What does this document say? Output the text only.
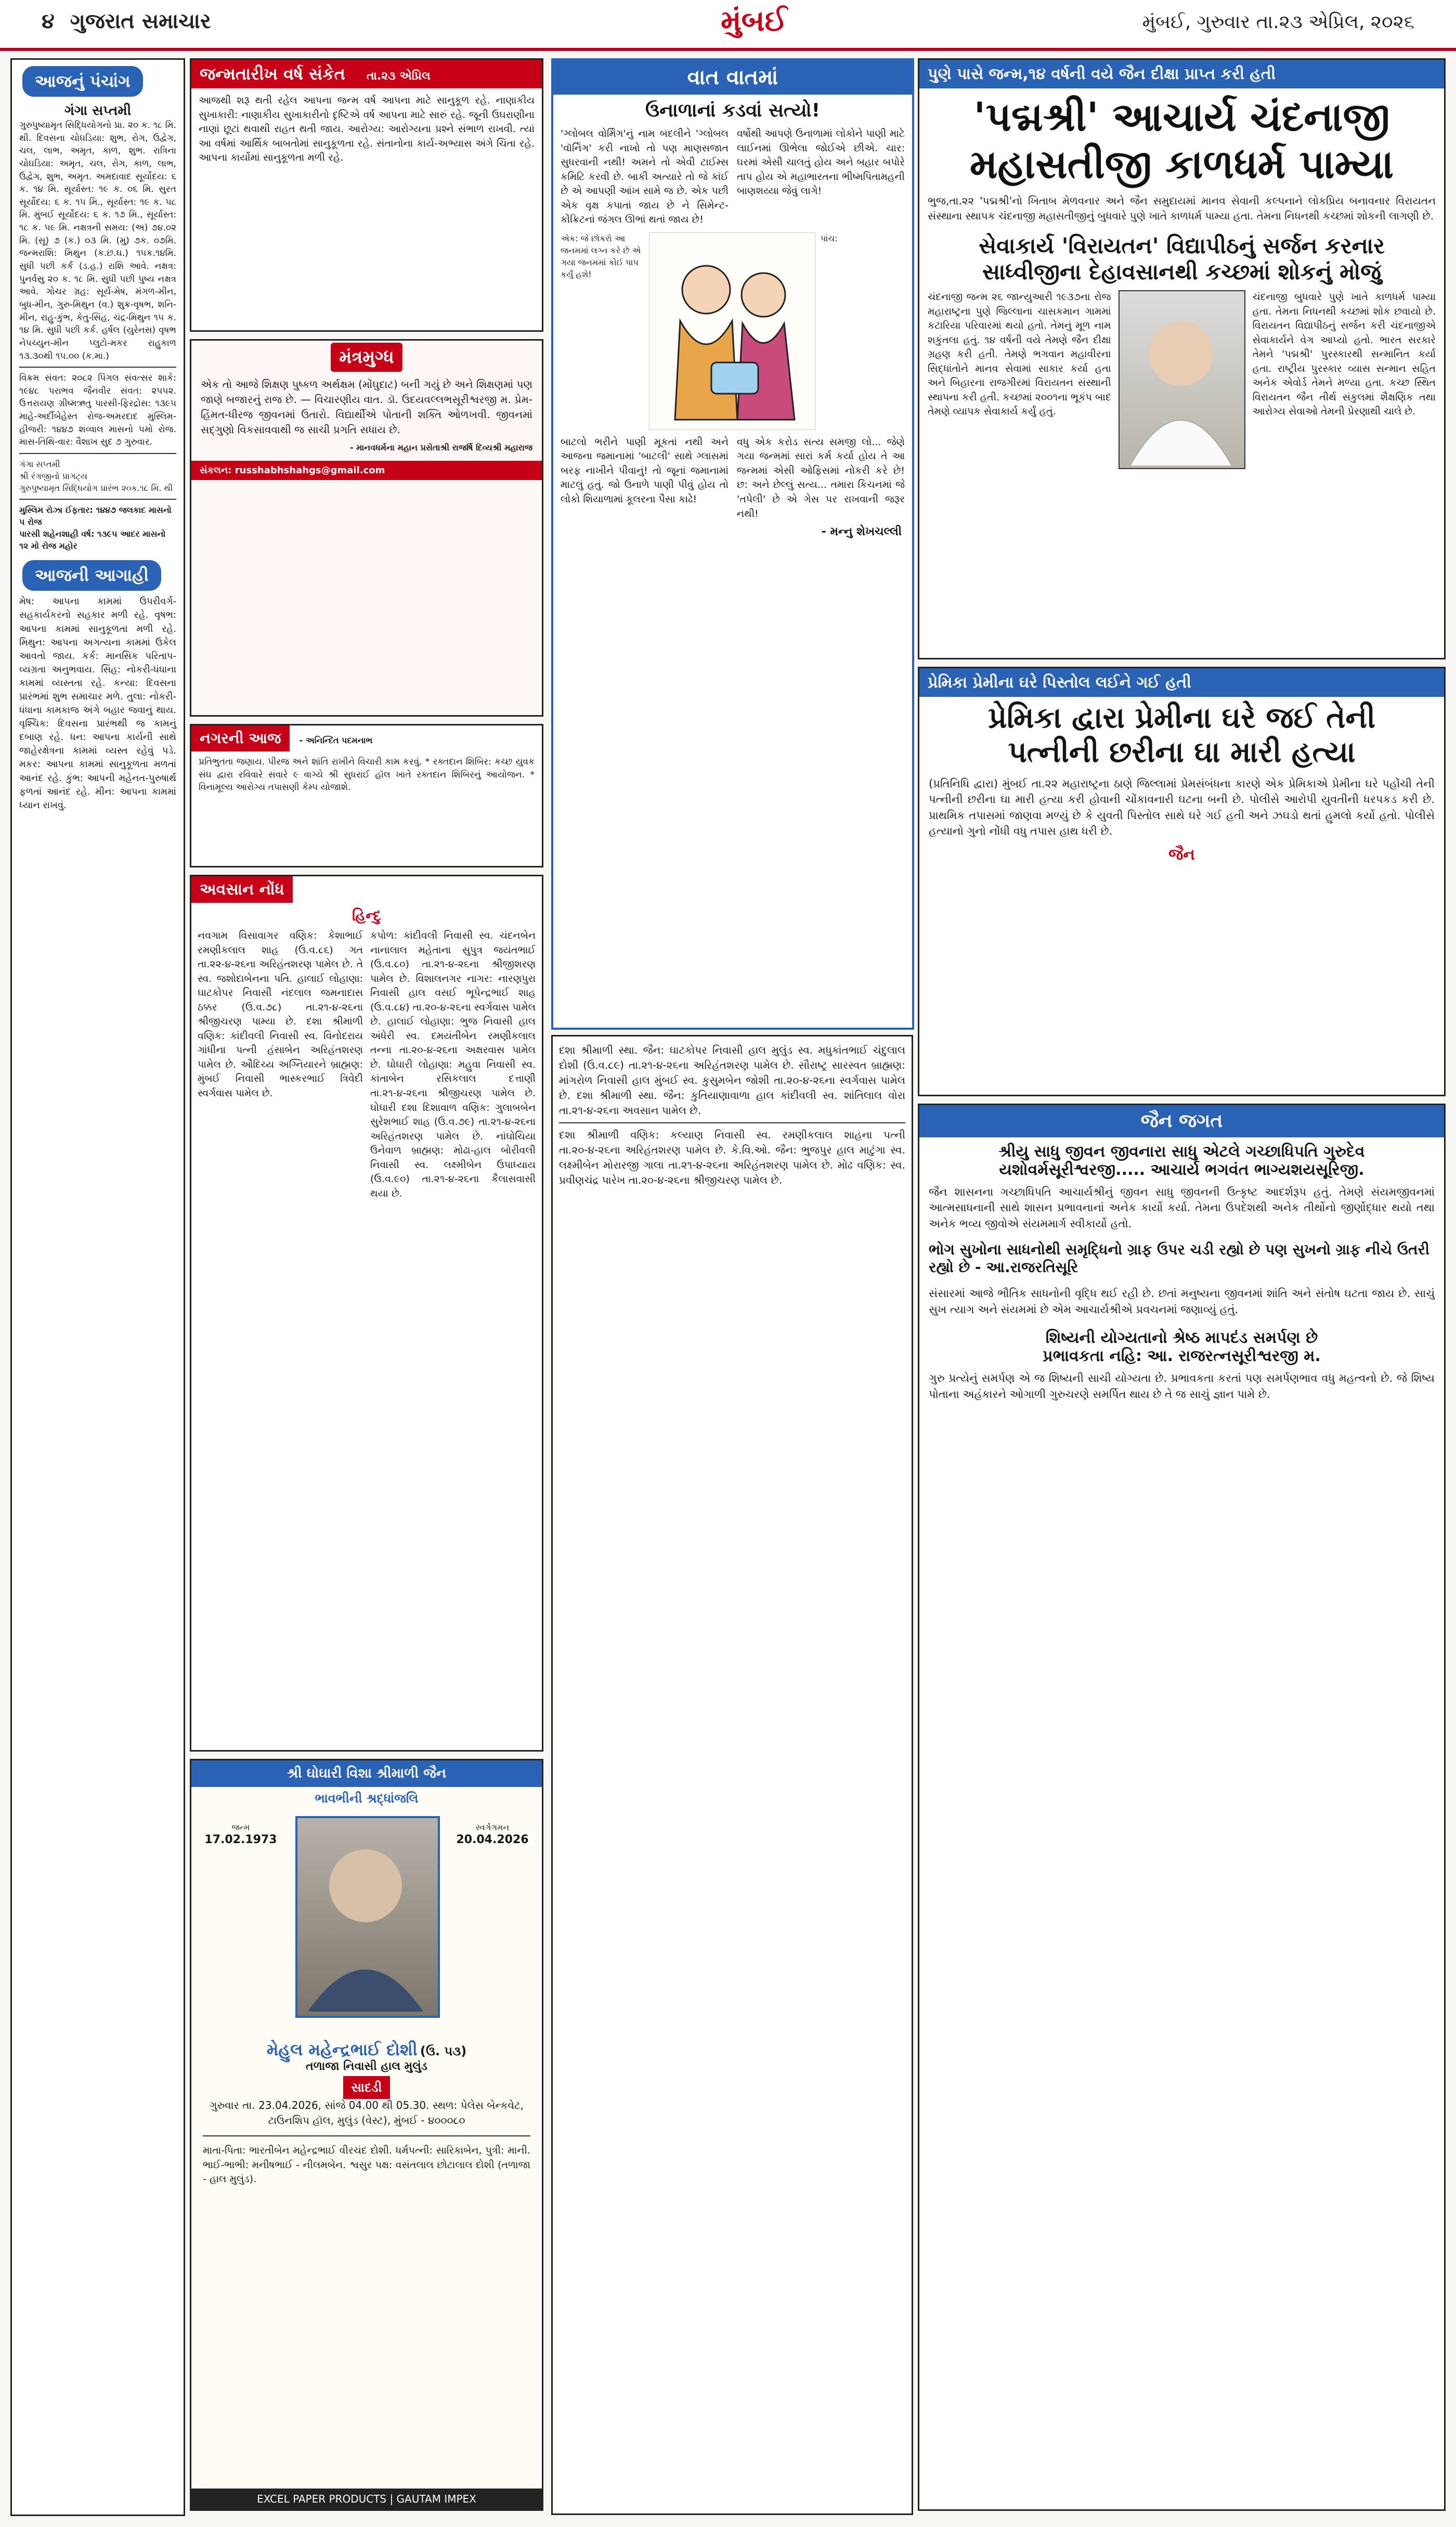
૪ ગુજરાત સમાચાર	મુંબઈ	મુંબઈ, ગુરુવાર તા.૨૩ એપ્રિલ, ૨૦૨૬
આજનું પંચાંગ
ગંગા સપ્તમી
ગુરુપુષ્યામૃત સિદ્ધિયોગનો પ્રા. ૨૦ ક. ૧૮ મિ. થી. દિવસના ચોઘડિયા: શુભ, રોગ, ઉદ્વેગ, ચલ, લાભ, અમૃત, કાળ, શુભ. રાત્રિના ચોઘડિયા: અમૃત, ચલ, રોગ, કાળ, લાભ, ઉદ્વેગ, શુભ, અમૃત. અમદાવાદ સૂર્યોદય: ૬ ક. ૧૪ મિ. સૂર્યાસ્ત: ૧૯ ક. ૦૬ મિ. સુરત સૂર્યોદય: ૬ ક. ૧૫ મિ., સૂર્યાસ્ત: ૧૯ ક. ૫૮ મિ. મુંબઈ સૂર્યોદય: ૬ ક. ૧૭ મિ., સૂર્યાસ્ત: ૧૮ ક. ૫૯ મિ. નક્ષત્રની સમય: (અ) ૭૪.૦૨ મિ. (સૂ) ૭ (ક.) ૦૩ મિ. (મુ) ૭ક. ૦૭મિ. જન્મરાશિ: મિથુન (ક.છ.ઘ.) ૧૫ક.૧૪મિ. સુધી પછી કર્ક (ડ.હ.) રાશિ આવે. નક્ષત્ર: પુનર્વસુ ૨૦ ક. ૧૮ મિ. સુધી પછી પુષ્ય નક્ષત્ર આવે. ગોચર ગ્રહ: સૂર્ય-મેષ, મંગળ-મીન, બુધ-મીન, ગુરુ-મિથુન (વ.) શુક્ર-વૃષભ, શનિ-મીન, રાહુ-કુંભ, કેતુ-સિંહ, ચંદ્ર-મિથુન ૧૫ ક. ૧૪ મિ. સુધી પછી કર્ક. હર્ષલ (યુરેનસ) વૃષભ નેપચ્યુન-મીન પ્લુટો-મકર રાહુકાળ ૧૩.૩૦થી ૧૫.૦૦ (ક.મા.)
વિક્રમ સંવત: ૨૦૮૨ પિંગલ સંવત્સર શાકે: ૧૯૪૮ પરાભવ જૈનવીર સંવત: ૨૫૫૨. ઉત્તરાયણ ગ્રીષ્મઋતુ પારસી-ફિરદ્રોસ: ૧૩૯૫ માહે-અર્દીબેહેસ્ત રોજ-અમરદાદ મુસ્લિમ-હીજરી: ૧૪૪૭ શવ્વાલ માસનો ૫મો રોજ. માસ-તિથિ-વાર: વૈશાખ સુદ ૭ ગુરુવાર.
ગંગા સપ્તમી
શ્રી રંગજીનો પ્રાગટ્ય
ગુરુપુષ્યામૃત સિદ્ધિયોગ પ્રારંભ ૨૦ક.૧૮ મિ. થી
મુસ્લિમ રોઝા ઈફતાર: ૧૪૪૭ જલકાદ માસનો પ રોજ
પારસી શહેનશાહી વર્ષ: ૧૩૯૫ આદર માસનો ૧૨ મો રોજ મહોર
આજની આગાહી
મેષ: આપના કામમાં ઉપરીવર્ગ-સહકાર્યકરનો સહકાર મળી રહે. વૃષભ: આપના કામમાં સાનુકૂળતા મળી રહે. મિથુન: આપના અગત્યના કામમાં ઉકેલ આવતો જાય. કર્ક: માનસિક પરિતાપ-વ્યગ્રતા અનુભવાય. સિંહ: નોકરી-ધંધાના કામમાં વ્યસ્તતા રહે. કન્યા: દિવસના પ્રારંભમાં શુભ સમાચાર મળે. તુલા: નોકરી-ધંધાના કામકાજ અંગે બહાર જવાનું થાય. વૃશ્ચિક: દિવસના પ્રારંભથી જ કામનું દબાણ રહે. ધન: આપના કાર્યની સાથે જાહેરક્ષેત્રના કામમાં વ્યસ્ત રહેવું પડે. મકર: આપના કામમાં સાનુકૂળતા મળતાં આનંદ રહે. કુંભ: આપની મહેનત-પુરુષાર્થ ફળતાં આનંદ રહે. મીન: આપના કામમાં ધ્યાન રાખવું.
જન્મતારીખ વર્ષ સંકેત તા.૨૩ એપ્રિલ
આજથી શરૂ થતી રહેલ આપના જન્મ વર્ષ આપના માટે સાનુકૂળ રહે. નાણાકીય સુખાકારી: નાણાકીય સુખાકારીનો દૃષ્ટિએ વર્ષ આપના માટે સારું રહે. જૂની ઉઘરાણીના નાણાં છૂટાં થવાથી રાહત થતી જાય. આરોગ્ય: આરોગ્યના પ્રશ્ને સંભાળ રાખવી. ત્યાં આ વર્ષમાં આર્થિક બાબતોમાં સાનુકૂળતા રહે. સંતાનોના કાર્ય-અભ્યાસ અંગે ચિંતા રહે. આપના કાર્યોમાં સાનુકૂળતા મળી રહે.
મંત્રમુગ્ધ
એક તો આજે શિક્ષણ પુષ્કળ અર્થક્ષમ (મોંઘુદાટ) બની ગયું છે અને શિક્ષણમાં પણ જાણે બજારનું રાજ છે. — વિચારણીય વાત. ડૉ. ઉદયવલ્લભસૂરીશ્વરજી મ. પ્રેમ-હિંમત-ધીરજ જીવનમાં ઉતારો. વિદ્યાર્થીએ પોતાની શક્તિ ઓળખવી. જીવનમાં સદ્ગુણો વિકસાવવાથી જ સાચી પ્રગતિ સધાય છે.
- માનવધર્મના મહાન પ્રસેતાશ્રી રાજર્ષિ દિવ્યશ્રી મહારાજ
સંકલન: russhabhshahgs@gmail.com
નગરની આજ - અનિન્દિત પદમનાભ
પ્રતિભુતતા જણાય. પીરજ અને શાંતિ રાખીને વિચારી કામ કરવું. * રક્તદાન શિબિર: કચ્છ યુવક સંઘ દ્વારા રવિવારે સવારે ૯ વાગ્યે શ્રી સુધરાઈ હૉલ ખાતે રક્તદાન શિબિરનું આયોજન. * વિનામૂલ્ય આરોગ્ય તપાસણી કેમ્પ યોજાશે.
અવસાન નોંધ
હિન્દુ
નવગામ વિસાવાગર વણિક: કેશાભાઈ રમણીકલાલ શાહ (ઉ.વ.૮૬) ગત તા.૨૨-૪-૨૬ના અરિહંતશરણ પામેલ છે. તે સ્વ. જશોદાબેનના પતિ. હાલાઈ લોહાણા: ઘાટકોપર નિવાસી નંદલાલ જમનાદાસ ઠક્કર (ઉ.વ.૭૮) તા.૨૧-૪-૨૬ના શ્રીજીચરણ પામ્યા છે. દશા શ્રીમાળી વણિક: કાંદીવલી નિવાસી સ્વ. વિનોદરાય ગાંધીના પત્ની હંસાબેન અરિહંતશરણ પામેલ છે. ઔદિચ્ય અગ્નિયારને બ્રાહ્મણ: મુંબઈ નિવાસી ભાસ્કરભાઈ ત્રિવેદી સ્વર્ગવાસ પામેલ છે.
કપોળ: કાંદીવલી નિવાસી સ્વ. ચંદનબેન નાનાલાલ મહેતાના સુપુત્ર જયંતભાઈ (ઉ.વ.૮૦) તા.૨૧-૪-૨૬ના શ્રીજીશરણ પામેલ છે. વિશાલનગર નાગર: નારણપુરા નિવાસી હાલ વસઈ ભૂપેન્દ્રભાઈ શાહ (ઉ.વ.૮૪) તા.૨૦-૪-૨૬ના સ્વર્ગવાસ પામેલ છે. હાલાઈ લોહાણા: ભુજ નિવાસી હાલ અંધેરી સ્વ. દમયંતીબેન રમણીકલાલ તન્ના તા.૨૦-૪-૨૬ના અક્ષરવાસ પામેલ છે. ઘોઘારી લોહાણા: મહુવા નિવાસી સ્વ. કાંતાબેન રસિકલાલ દત્તાણી તા.૨૧-૪-૨૬ના શ્રીજીચરણ પામેલ છે. ઘોઘારી દશા દિશાવાળ વણિક: ગુલાબબેન સુરેશભાઈ શાહ (ઉ.વ.૭૯) તા.૨૧-૪-૨૬ના અરિહંતશરણ પામેલ છે. નાંઘોચિયા ઉનેવાળ બ્રાહ્મણ: મોઢા-હાલ બોરીવલી નિવાસી સ્વ. લક્ષ્મીબેન ઉપાધ્યાય (ઉ.વ.૯૦) તા.૨૧-૪-૨૬ના કૈલાસવાસી થયા છે.
શ્રી ઘોઘારી વિશા શ્રીમાળી જૈન
ભાવભીની શ્રદ્ધાંજલિ
જન્મ
17.02.1973
સ્વર્ગગમન
20.04.2026
મેહુલ મહેન્દ્રભાઈ દોશી (ઉ. ૫૩)
તળાજા નિવાસી હાલ મુલુંડ
સાદડી
ગુરુવાર તા. 23.04.2026, સાંજે 04.00 થી 05.30. સ્થળ: પેલેસ બેન્કવેટ, ટાઉનશિપ હૉલ, મુલુંડ (વેસ્ટ), મુંબઈ - ૪૦૦૦૮૦
માતા-પિતા: ભારતીબેન મહેન્દ્રભાઈ વીરચંદ દોશી. ધર્મપત્ની: સારિકાબેન, પુત્રી: માની. ભાઈ-ભાભી: મનીષભાઈ - નીલમબેન. શ્વસુર પક્ષ: વસંતલાલ છોટાલાલ દોશી (તળાજા - હાલ મુલુંડ).
EXCEL PAPER PRODUCTS | GAUTAM IMPEX
વાત વાતમાં
ઉનાળાનાં કડવાં સત્યો!
'ગ્લોબલ વોર્મિંગ'નું નામ બદલીને 'ગ્લોબલ 'વૉર્નિંગ' કરી નાખો તો પણ માણસજાત સુધરવાની નથી! અમને તો એવી ટાઈમ્સ કમિટિ કરવી છે. બાકી અત્યારે તો જે કાંઈ છે એ આપણી આંખ સામે જ છે. એક પછી એક વૃક્ષ કપાતાં જાય છે ને સિમેન્ટ-કોંક્રિટનાં જંગલ ઊભાં થતાં જાય છે!
વર્ષોથી આપણે ઉનાળામાં લોકોને પાણી માટે લાઈનમાં ઊભેલા જોઈએ છીએ. ચાર: ઘરમાં એસી ચાલતું હોય અને બહાર બપોરે તાપ હોય એ મહાભારતના ભીષ્મપિતામહની બાણશય્યા જેવું લાગે!
એક: જે છોકરો આ જનમમાં લગ્ન કરે છે એ ગયા જનમમાં કોઈ પાપ કર્યું હશે!
પાંચ:
બાટલો ભરીને પાણી મૂકતાં નથી અને આજના જમાનામાં 'બાટલી' સાથે ગ્લાસમાં બરફ નાખીને પીવાનું! તો જૂનાં જમાનામાં માટલું હતું. જો ઉનાળે પાણી પીવું હોય તો લોકો શિયાળામાં કૂલરના પૈસા કાઢે!
વધુ એક કરોડ સત્ય સમજી લો... જેણે ગયા જન્મમાં સારાં કર્મ કર્યા હોય તે આ જન્મમાં એસી ઓફિસમાં નોકરી કરે છે! છ: અને છેલ્લું સત્ય... તમારા કિચનમાં જે 'તપેલી' છે એ ગેસ પર રાખવાની જરૂર નથી!
- મન્નુ શેખચલ્લી
દશા શ્રીમાળી સ્થા. જૈન: ઘાટકોપર નિવાસી હાલ મુલુંડ સ્વ. મધુકાંતભાઈ ચંદુલાલ દોશી (ઉ.વ.૮૯) તા.૨૧-૪-૨૬ના અરિહંતશરણ પામેલ છે. સૌરાષ્ટ્ર સારસ્વત બ્રાહ્મણ: માંગરોળ નિવાસી હાલ મુંબઈ સ્વ. કુસુમબેન જોશી તા.૨૦-૪-૨૬ના સ્વર્ગવાસ પામેલ છે. દશા શ્રીમાળી સ્થા. જૈન: કુતિયાણાવાળા હાલ કાંદીવલી સ્વ. શાંતિલાલ વોરા તા.૨૧-૪-૨૬ના અવસાન પામેલ છે.
દશા શ્રીમાળી વણિક: કલ્યાણ નિવાસી સ્વ. રમણીકલાલ શાહના પત્ની તા.૨૦-૪-૨૬ના અરિહંતશરણ પામેલ છે. કે.વિ.ઓ. જૈન: ભુજપુર હાલ માટુંગા સ્વ. લક્ષ્મીબેન મોરારજી ગાલા તા.૨૧-૪-૨૬ના અરિહંતશરણ પામેલ છે. મોઢ વણિક: સ્વ. પ્રવીણચંદ્ર પારેખ તા.૨૦-૪-૨૬ના શ્રીજીચરણ પામેલ છે.
પુણે પાસે જન્મ,૧૪ વર્ષની વયે જૈન દીક્ષા પ્રાપ્ત કરી હતી
'પદ્મશ્રી' આચાર્ય ચંદનાજી
મહાસતીજી કાળધર્મ પામ્યા
ભુજ,તા.૨૨ 'પદ્મશ્રી'નો ખિતાબ મેળવનાર અને જૈન સમુદાયમાં માનવ સેવાની કલ્પનાને લોકપ્રિય બનાવનાર વિરાયતન સંસ્થાના સ્થાપક ચંદનાજી મહાસતીજીનું બુધવારે પુણે ખાતે કાળધર્મ પામ્યા હતા. તેમના નિધનથી કચ્છમાં શોકની લાગણી છે.
સેવાકાર્ય 'વિરાયતન' વિદ્યાપીઠનું સર્જન કરનાર
સાધ્વીજીના દેહાવસાનથી કચ્છમાં શોકનું મોજું
ચંદનાજી જન્મ ૨૬ જાન્યુઆરી ૧૯૩૭ના રોજ મહારાષ્ટ્રના પુણે જિલ્લાના ચાસકમાન ગામમાં કટારિયા પરિવારમાં થયો હતો. તેમનું મૂળ નામ શકુંતલા હતું. ૧૪ વર્ષની વયે તેમણે જૈન દીક્ષા ગ્રહણ કરી હતી. તેમણે ભગવાન મહાવીરના સિદ્ધાંતોને માનવ સેવામાં સાકાર કર્યા હતા અને બિહારના રાજગીરમાં વિરાયતન સંસ્થાની સ્થાપના કરી હતી. કચ્છમાં ૨૦૦૧ના ભૂકંપ બાદ તેમણે વ્યાપક સેવાકાર્ય કર્યું હતું.
ચંદનાજી બુધવારે પુણે ખાતે કાળધર્મ પામ્યા હતા. તેમના નિધનથી કચ્છમાં શોક છવાયો છે. વિરાયતન વિદ્યાપીઠનું સર્જન કરી ચંદનાજીએ સેવાકાર્યને વેગ આપ્યો હતો. ભારત સરકારે તેમને 'પદ્મશ્રી' પુરસ્કારથી સન્માનિત કર્યા હતા. રાષ્ટ્રીય પુરસ્કાર વ્યાસ સન્માન સહિત અનેક એવોર્ડ તેમને મળ્યા હતા. કચ્છ સ્થિત વિરાયતન જૈન તીર્થ સંકુલમાં શૈક્ષણિક તથા આરોગ્ય સેવાઓ તેમની પ્રેરણાથી ચાલે છે.
પ્રેમિકા પ્રેમીના ઘરે પિસ્તોલ લઈને ગઈ હતી
પ્રેમિકા દ્વારા પ્રેમીના ઘરે જઈ તેની
પત્નીની છરીના ઘા મારી હત્યા
(પ્રતિનિધિ દ્વારા) મુંબઈ તા.૨૨ મહારાષ્ટ્રના ઠાણે જિલ્લામાં પ્રેમસંબંધના કારણે એક પ્રેમિકાએ પ્રેમીના ઘરે પહોંચી તેની પત્નીની છરીના ઘા મારી હત્યા કરી હોવાની ચોંકાવનારી ઘટના બની છે. પોલીસે આરોપી યુવતીની ધરપકડ કરી છે. પ્રાથમિક તપાસમાં જાણવા મળ્યું છે કે યુવતી પિસ્તોલ સાથે ઘરે ગઈ હતી અને ઝઘડો થતાં હુમલો કર્યો હતો. પોલીસે હત્યાનો ગુનો નોંધી વધુ તપાસ હાથ ધરી છે.
જૈન
જૈન જગત
શ્રીયુ સાધુ જીવન જીવનારા સાધુ એટલે ગચ્છાધિપતિ ગુરુદેવ
યશોવર્મસૂરીશ્વરજી..... આચાર્ય ભગવંત ભાગ્યશયસૂરિજી.
જૈન શાસનના ગચ્છાધિપતિ આચાર્યશ્રીનું જીવન સાધુ જીવનની ઉત્કૃષ્ટ આદર્શરૂપ હતું. તેમણે સંયમજીવનમાં આત્મસાધનાની સાથે શાસન પ્રભાવનાનાં અનેક કાર્યો કર્યા. તેમના ઉપદેશથી અનેક તીર્થોનો જીર્ણોદ્ધાર થયો તથા અનેક ભવ્ય જીવોએ સંયમમાર્ગ સ્વીકાર્યો હતો.
ભોગ સુખોના સાધનોથી સમૃદ્ધિનો ગ્રાફ ઉપર ચડી રહ્યો છે પણ સુખનો ગ્રાફ નીચે ઉતરી રહ્યો છે - આ.રાજરતિસૂરિ
સંસારમાં આજે ભૌતિક સાધનોની વૃદ્ધિ થઈ રહી છે. છતાં મનુષ્યના જીવનમાં શાંતિ અને સંતોષ ઘટતા જાય છે. સાચું સુખ ત્યાગ અને સંયમમાં છે એમ આચાર્યશ્રીએ પ્રવચનમાં જણાવ્યું હતું.
શિષ્યની યોગ્યતાનો શ્રેષ્ઠ માપદંડ સમર્પણ છે
પ્રભાવકતા નહિ: આ. રાજરત્નસૂરીશ્વરજી મ.
ગુરુ પ્રત્યેનું સમર્પણ એ જ શિષ્યની સાચી યોગ્યતા છે. પ્રભાવકતા કરતાં પણ સમર્પણભાવ વધુ મહત્વનો છે. જે શિષ્ય પોતાના અહંકારને ઓગાળી ગુરુચરણે સમર્પિત થાય છે તે જ સાચું જ્ઞાન પામે છે.
